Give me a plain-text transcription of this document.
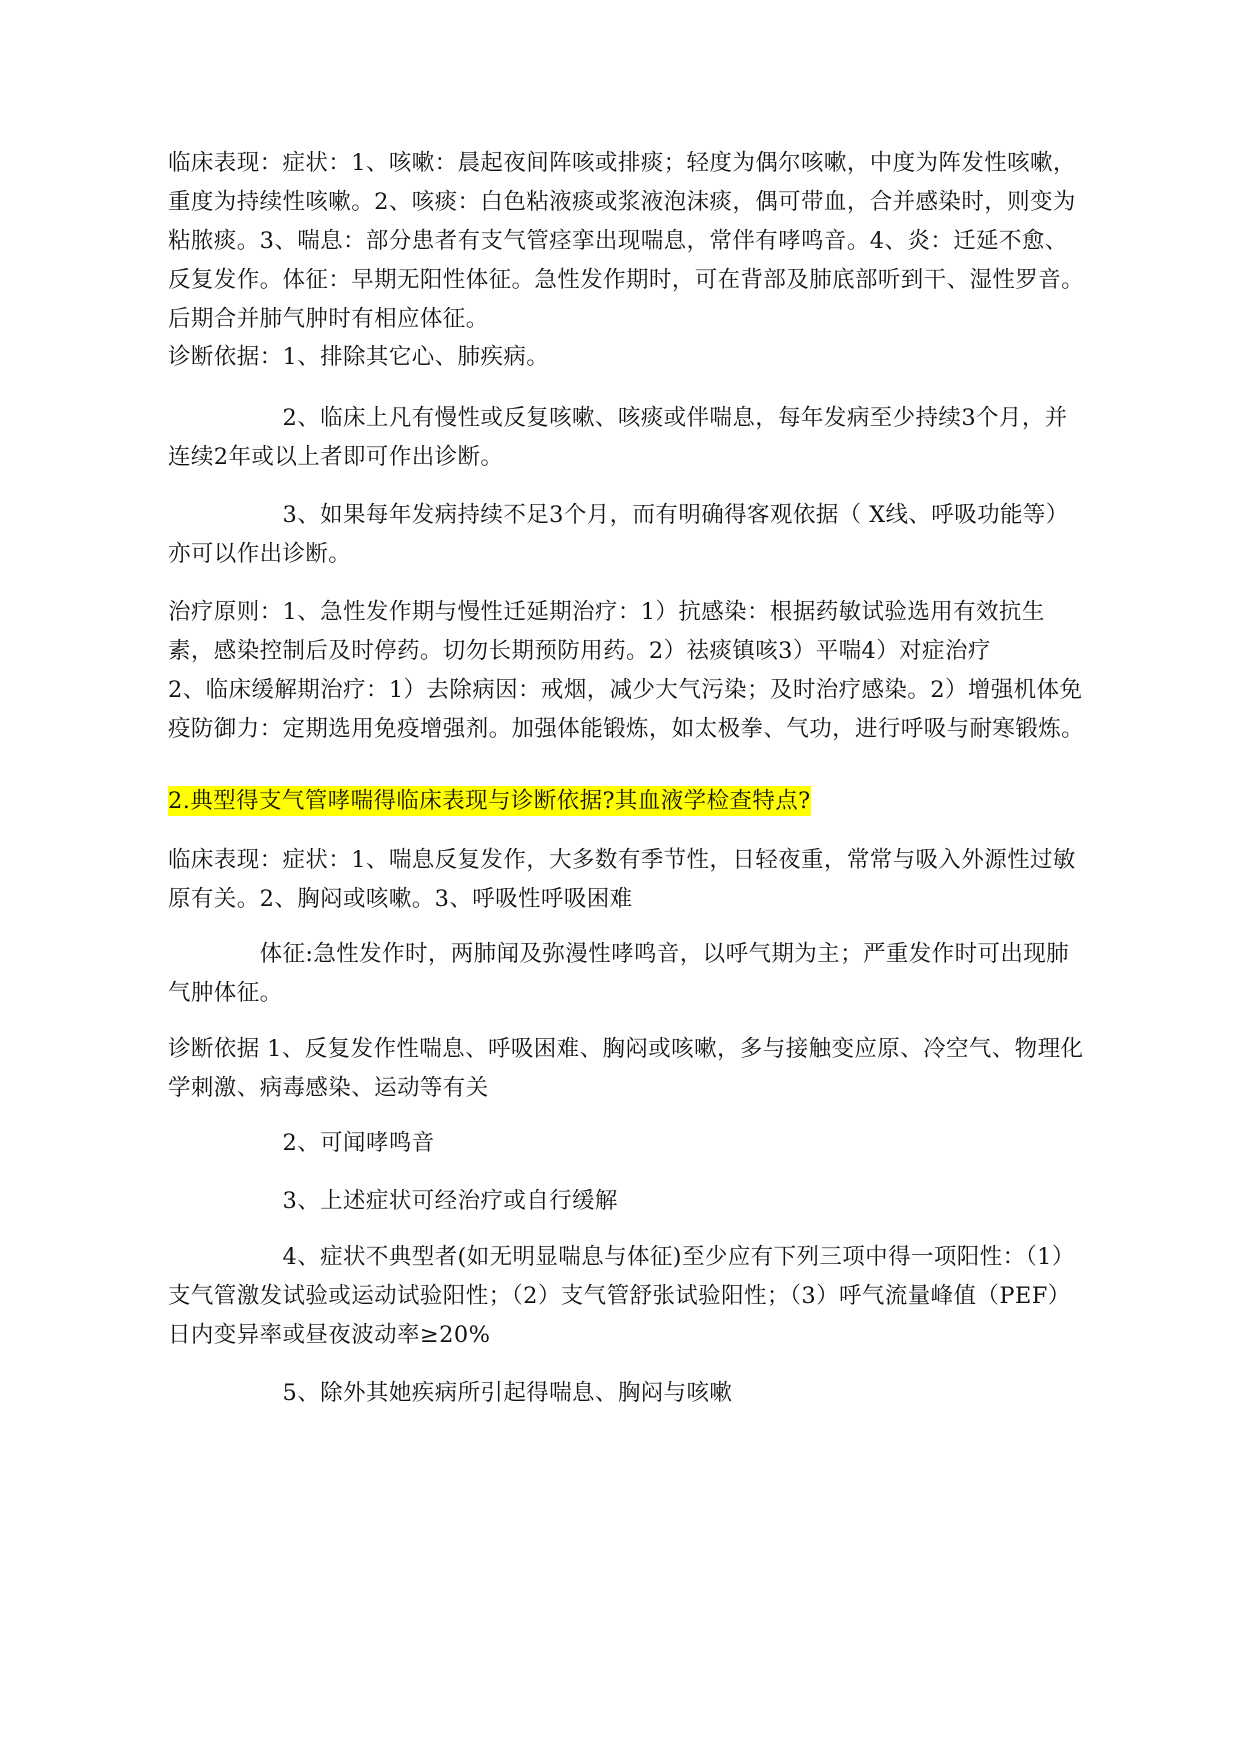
临床表现：症状：1、咳嗽：晨起夜间阵咳或排痰；轻度为偶尔咳嗽，中度为阵发性咳嗽，重度为持续性咳嗽。2、咳痰：白色粘液痰或浆液泡沫痰，偶可带血，合并感染时，则变为粘脓痰。3、喘息：部分患者有支气管痉挛出现喘息，常伴有哮鸣音。4、炎：迁延不愈、反复发作。体征：早期无阳性体征。急性发作期时，可在背部及肺底部听到干、湿性罗音。后期合并肺气肿时有相应体征。

诊断依据：1、排除其它心、肺疾病。

　　　　　2、临床上凡有慢性或反复咳嗽、咳痰或伴喘息，每年发病至少持续3个月，并连续2年或以上者即可作出诊断。

　　　　　3、如果每年发病持续不足3个月，而有明确得客观依据（ X线、呼吸功能等）亦可以作出诊断。

治疗原则：1、急性发作期与慢性迁延期治疗：1）抗感染：根据药敏试验选用有效抗生素，感染控制后及时停药。切勿长期预防用药。2）祛痰镇咳3）平喘4）对症治疗　　　2、临床缓解期治疗：1）去除病因：戒烟，减少大气污染；及时治疗感染。2）增强机体免疫防御力：定期选用免疫增强剂。加强体能锻炼，如太极拳、气功，进行呼吸与耐寒锻炼。

2.典型得支气管哮喘得临床表现与诊断依据?其血液学检查特点?

临床表现：症状：1、喘息反复发作，大多数有季节性，日轻夜重，常常与吸入外源性过敏原有关。2、胸闷或咳嗽。3、呼吸性呼吸困难

　　　　体征:急性发作时，两肺闻及弥漫性哮鸣音，以呼气期为主；严重发作时可出现肺气肿体征。

诊断依据 1、反复发作性喘息、呼吸困难、胸闷或咳嗽，多与接触变应原、冷空气、物理化学刺激、病毒感染、运动等有关

　　　　　2、可闻哮鸣音

　　　　　3、上述症状可经治疗或自行缓解

　　　　　4、症状不典型者(如无明显喘息与体征)至少应有下列三项中得一项阳性：（1）支气管激发试验或运动试验阳性；（2）支气管舒张试验阳性；（3）呼气流量峰值（PEF）日内变异率或昼夜波动率≥20%

　　　　　5、除外其她疾病所引起得喘息、胸闷与咳嗽
